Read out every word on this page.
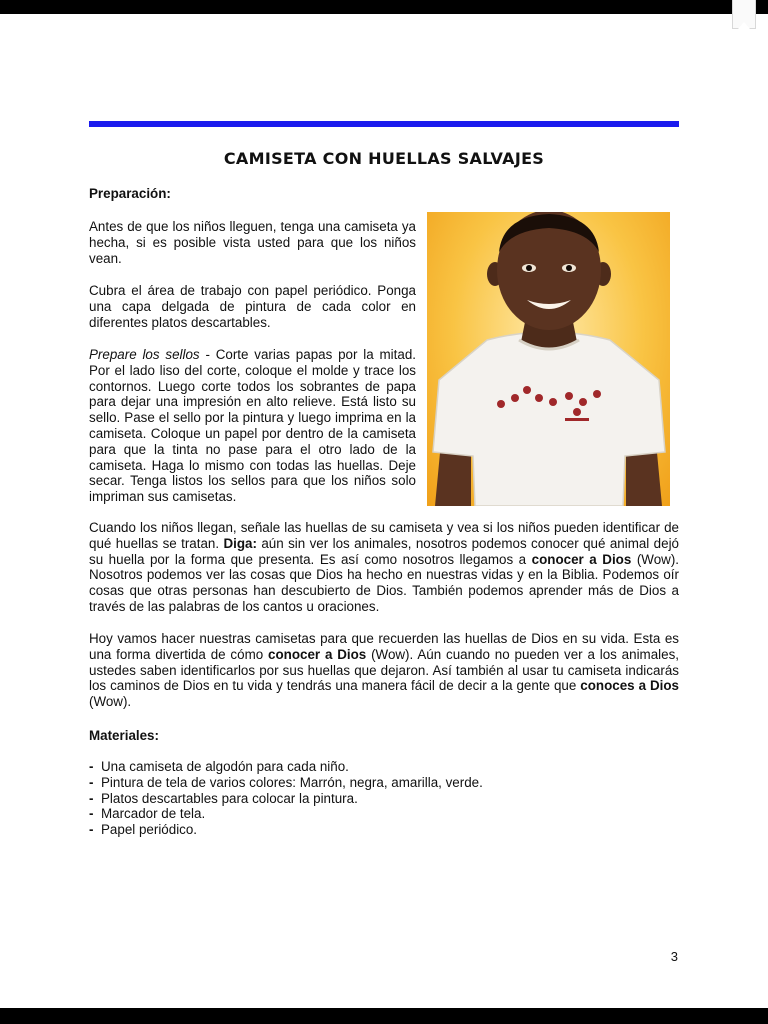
CAMISETA CON HUELLAS SALVAJES
Preparación:
Antes de que los niños lleguen, tenga una camiseta ya hecha, si es posible vista usted para que los niños vean.
Cubra el área de trabajo con papel periódico. Ponga una capa delgada de pintura de cada color en diferentes platos descartables.
Prepare los sellos - Corte varias papas por la mitad. Por el lado liso del corte, coloque el molde y trace los contornos. Luego corte todos los sobrantes de papa para dejar una impresión en alto relieve. Está listo su sello. Pase el sello por la pintura y luego imprima en la camiseta. Coloque un papel por dentro de la camiseta para que la tinta no pase para el otro lado de la camiseta. Haga lo mismo con todas las huellas. Deje secar. Tenga listos los sellos para que los niños solo impriman sus camisetas.
Cuando los niños llegan, señale las huellas de su camiseta y vea si los niños pueden identificar de qué huellas se tratan. Diga: aún sin ver los animales, nosotros podemos conocer qué animal dejó su huella por la forma que presenta. Es así como nosotros llegamos a conocer a Dios (Wow). Nosotros podemos ver las cosas que Dios ha hecho en nuestras vidas y en la Biblia. Podemos oír cosas que otras personas han descubierto de Dios. También podemos aprender más de Dios a través de las palabras de los cantos u oraciones.
Hoy vamos hacer nuestras camisetas para que recuerden las huellas de Dios en su vida. Esta es una forma divertida de cómo conocer a Dios (Wow). Aún cuando no pueden ver a los animales, ustedes saben identificarlos por sus huellas que dejaron. Así también al usar tu camiseta indicarás los caminos de Dios en tu vida y tendrás una manera fácil de decir a la gente que conoces a Dios (Wow).
Materiales:
- Una camiseta de algodón para cada niño.
- Pintura de tela de varios colores: Marrón, negra, amarilla, verde.
- Platos descartables para colocar la pintura.
- Marcador de tela.
- Papel periódico.
3
